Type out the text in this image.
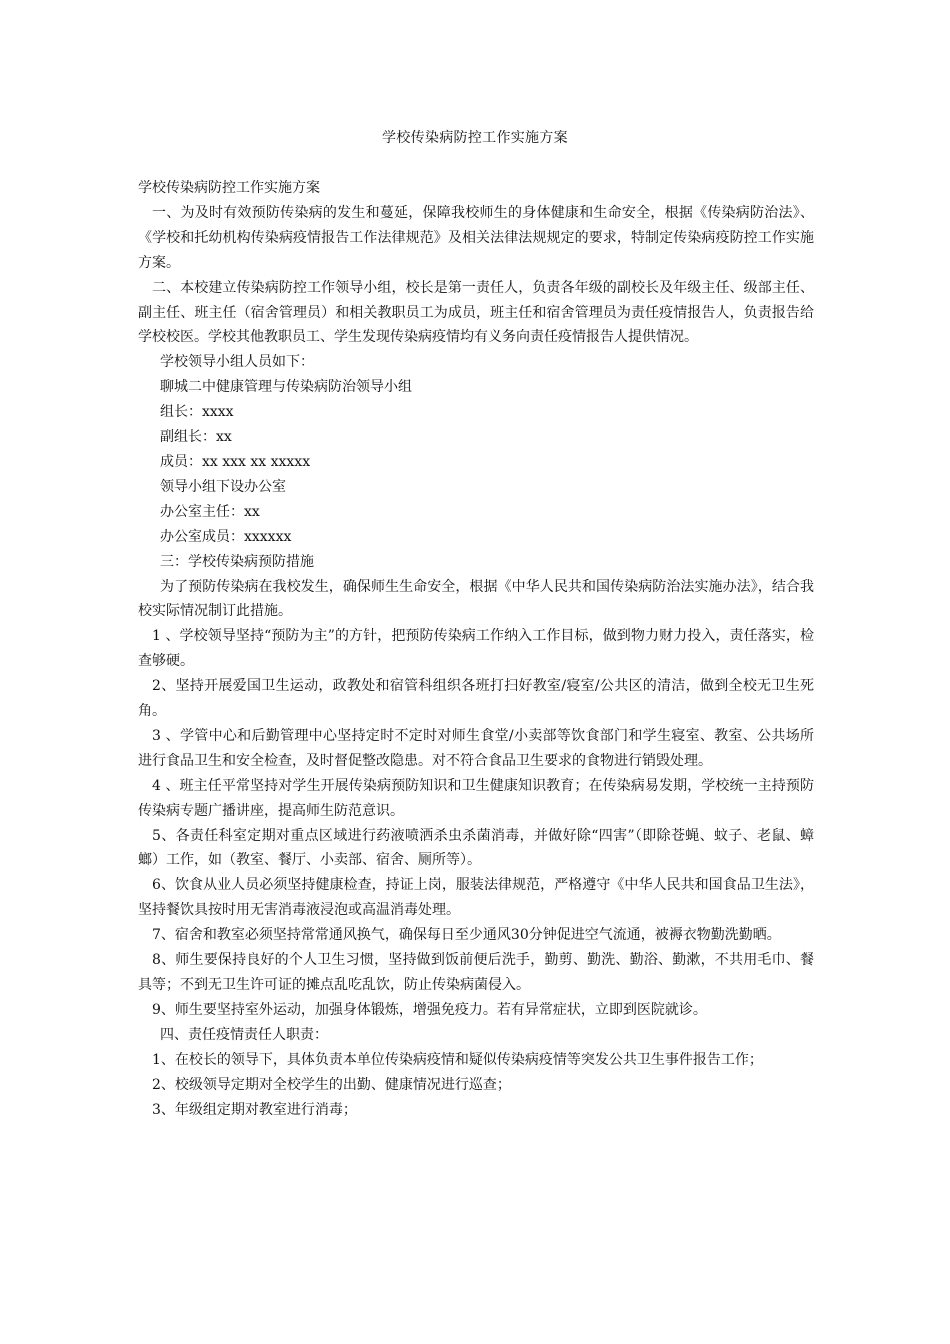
学校传染病防控工作实施方案

学校传染病防控工作实施方案

一、为及时有效预防传染病的发生和蔓延，保障我校师生的身体健康和生命安全，根据《传染病防治法》、《学校和托幼机构传染病疫情报告工作法律规范》及相关法律法规规定的要求，特制定传染病疫防控工作实施方案。

二、本校建立传染病防控工作领导小组，校长是第一责任人，负责各年级的副校长及年级主任、级部主任、副主任、班主任（宿舍管理员）和相关教职员工为成员，班主任和宿舍管理员为责任疫情报告人，负责报告给学校校医。学校其他教职员工、学生发现传染病疫情均有义务向责任疫情报告人提供情况。

学校领导小组人员如下：

聊城二中健康管理与传染病防治领导小组

组长：xxxx

副组长：xx

成员：xx xxx xx xxxxx

领导小组下设办公室

办公室主任：xx

办公室成员：xxxxxx

三：学校传染病预防措施

为了预防传染病在我校发生，确保师生生命安全，根据《中华人民共和国传染病防治法实施办法》，结合我校实际情况制订此措施。

1 、学校领导坚持“预防为主”的方针，把预防传染病工作纳入工作目标，做到物力财力投入，责任落实，检查够硬。

2、坚持开展爱国卫生运动，政教处和宿管科组织各班打扫好教室/寝室/公共区的清洁，做到全校无卫生死角。

3 、学管中心和后勤管理中心坚持定时不定时对师生食堂/小卖部等饮食部门和学生寝室、教室、公共场所进行食品卫生和安全检查，及时督促整改隐患。对不符合食品卫生要求的食物进行销毁处理。

4 、班主任平常坚持对学生开展传染病预防知识和卫生健康知识教育；在传染病易发期，学校统一主持预防传染病专题广播讲座，提高师生防范意识。

5、各责任科室定期对重点区域进行药液喷洒杀虫杀菌消毒，并做好除“四害”（即除苍蝇、蚊子、老鼠、蟑螂）工作，如（教室、餐厅、小卖部、宿舍、厕所等）。

6、饮食从业人员必须坚持健康检查，持证上岗，服装法律规范，严格遵守《中华人民共和国食品卫生法》，坚持餐饮具按时用无害消毒液浸泡或高温消毒处理。

7、宿舍和教室必须坚持常常通风换气，确保每日至少通风30分钟促进空气流通，被褥衣物勤洗勤晒。

8、师生要保持良好的个人卫生习惯，坚持做到饭前便后洗手，勤剪、勤洗、勤浴、勤漱，不共用毛巾、餐具等；不到无卫生许可证的摊点乱吃乱饮，防止传染病菌侵入。

9、师生要坚持室外运动，加强身体锻炼，增强免疫力。若有异常症状，立即到医院就诊。

四、责任疫情责任人职责：

1、在校长的领导下，具体负责本单位传染病疫情和疑似传染病疫情等突发公共卫生事件报告工作；

2、校级领导定期对全校学生的出勤、健康情况进行巡查；

3、年级组定期对教室进行消毒；
